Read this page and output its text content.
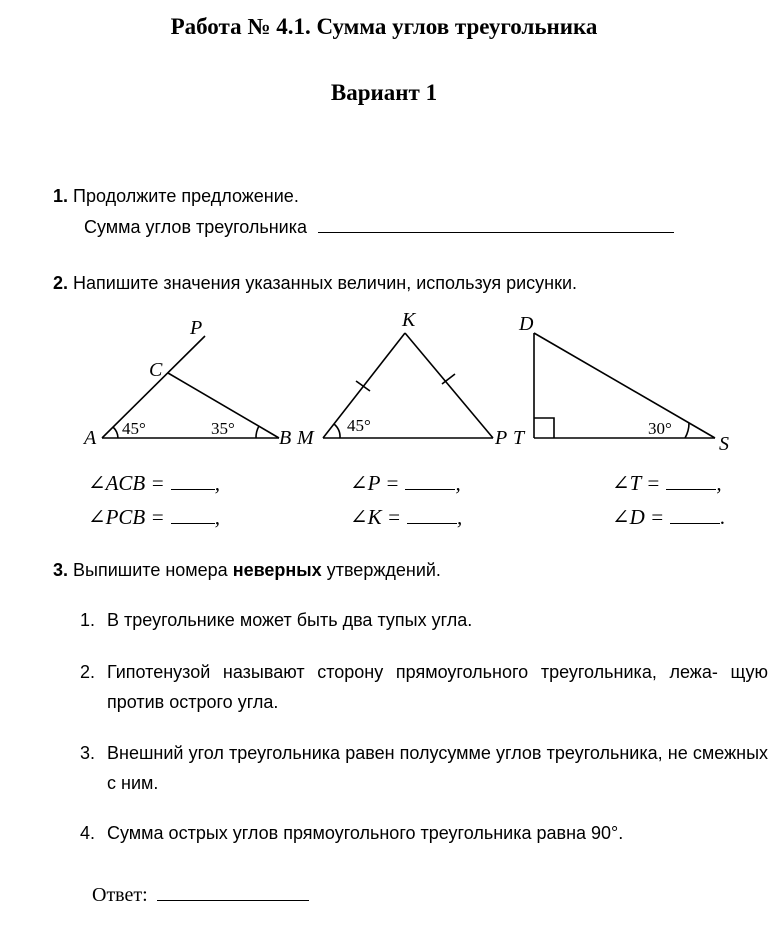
Работа № 4.1. Сумма углов треугольника
Вариант 1
1. Продолжите предложение.
Сумма углов треугольника
2. Напишите значения указанных величин, используя рисунки.
P
C
A	B
45°	35°
K
M	P
45°
D
T	S
30°
∠ACB = ,
∠PCB = ,
∠P =	,
∠K =	,
∠T =	,
∠D =	.
3. Выпишите номера неверных утверждений.
1. В треугольнике может быть два тупых угла.
2. Гипотенузой называют сторону прямоугольного треугольника, лежа- щую против острого угла.
3. Внешний угол треугольника равен полусумме углов треугольника, не смежных с ним.
4. Сумма острых углов прямоугольного треугольника равна 90°.
Ответ:
